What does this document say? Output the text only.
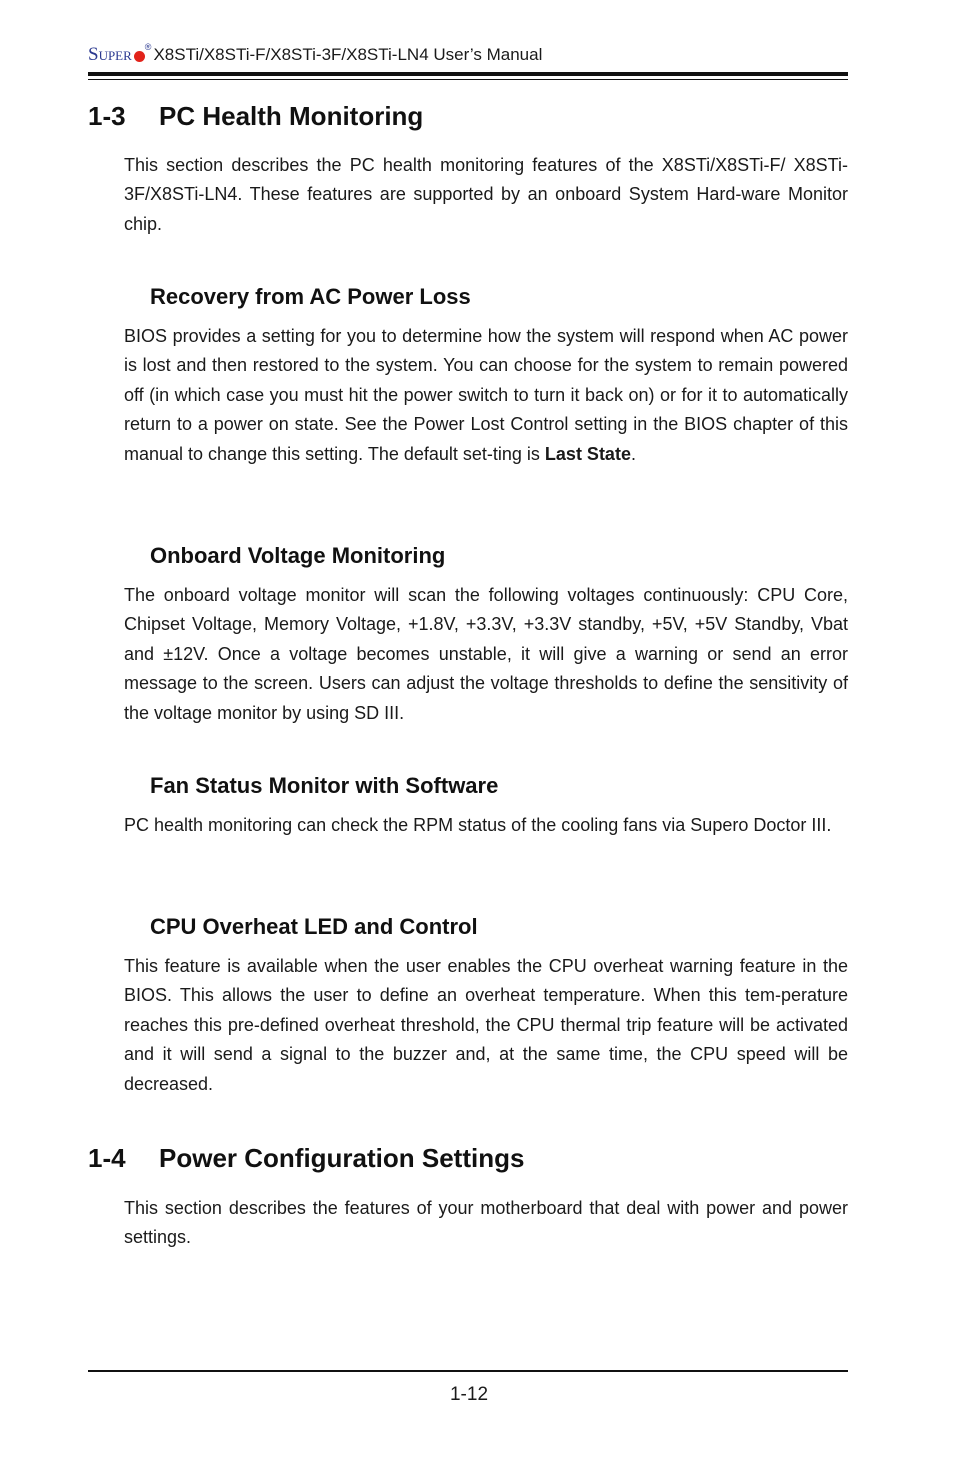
Super ® X8STi/X8STi-F/X8STi-3F/X8STi-LN4 User’s Manual
1-3	PC Health Monitoring

This section describes the PC health monitoring features of the X8STi/X8STi-F/ X8STi-3F/X8STi-LN4. These features are supported by an onboard System Hard-ware Monitor chip.

Recovery from AC Power Loss

BIOS provides a setting for you to determine how the system will respond when AC power is lost and then restored to the system. You can choose for the system to remain powered off (in which case you must hit the power switch to turn it back on) or for it to automatically return to a power on state. See the Power Lost Control setting in the BIOS chapter of this manual to change this setting. The default set-ting is Last State.

Onboard Voltage Monitoring

The onboard voltage monitor will scan the following voltages continuously: CPU Core, Chipset Voltage, Memory Voltage, +1.8V, +3.3V, +3.3V standby, +5V, +5V Standby, Vbat and ±12V. Once a voltage becomes unstable, it will give a warning or send an error message to the screen. Users can adjust the voltage thresholds to define the sensitivity of the voltage monitor by using SD III.

Fan Status Monitor with Software

PC health monitoring can check the RPM status of the cooling fans via Supero Doctor III.

CPU Overheat LED and Control

This feature is available when the user enables the CPU overheat warning feature in the BIOS. This allows the user to define an overheat temperature. When this tem-perature reaches this pre-defined overheat threshold, the CPU thermal trip feature will be activated and it will send a signal to the buzzer and, at the same time, the CPU speed will be decreased.

1-4	Power Configuration Settings

This section describes the features of your motherboard that deal with power and power settings.

1-12
